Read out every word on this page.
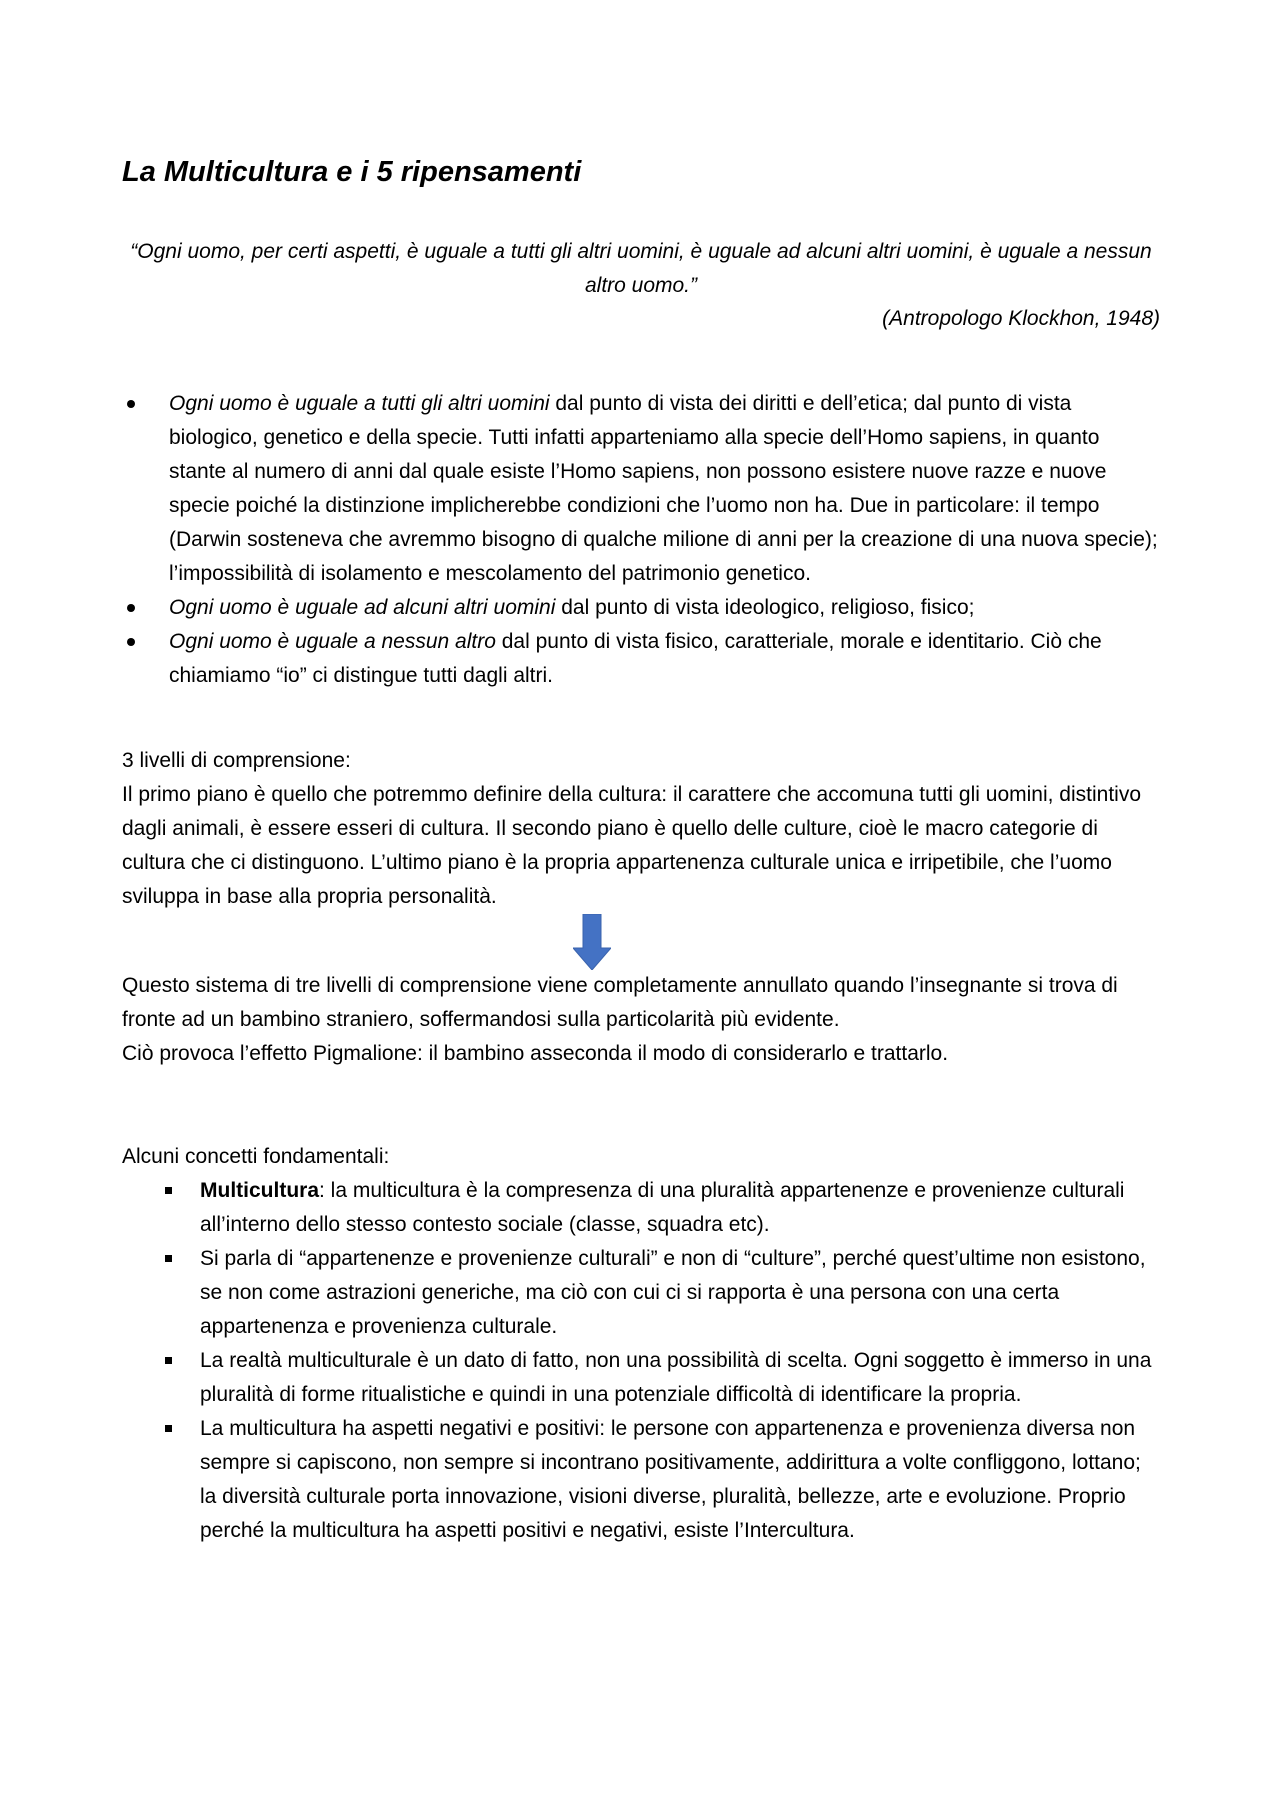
La Multicultura e i 5 ripensamenti

“Ogni uomo, per certi aspetti, è uguale a tutti gli altri uomini, è uguale ad alcuni altri uomini, è uguale a nessun altro uomo.”

(Antropologo Klockhon, 1948)

Ogni uomo è uguale a tutti gli altri uomini dal punto di vista dei diritti e dell’etica; dal punto di vista biologico, genetico e della specie. Tutti infatti apparteniamo alla specie dell’Homo sapiens, in quanto stante al numero di anni dal quale esiste l’Homo sapiens, non possono esistere nuove razze e nuove specie poiché la distinzione implicherebbe condizioni che l’uomo non ha. Due in particolare: il tempo (Darwin sosteneva che avremmo bisogno di qualche milione di anni per la creazione di una nuova specie); l’impossibilità di isolamento e mescolamento del patrimonio genetico.
Ogni uomo è uguale ad alcuni altri uomini dal punto di vista ideologico, religioso, fisico;
Ogni uomo è uguale a nessun altro dal punto di vista fisico, caratteriale, morale e identitario. Ciò che chiamiamo “io” ci distingue tutti dagli altri.

3 livelli di comprensione:

Il primo piano è quello che potremmo definire della cultura: il carattere che accomuna tutti gli uomini, distintivo dagli animali, è essere esseri di cultura. Il secondo piano è quello delle culture, cioè le macro categorie di cultura che ci distinguono. L’ultimo piano è la propria appartenenza culturale unica e irripetibile, che l’uomo sviluppa in base alla propria personalità.

Questo sistema di tre livelli di comprensione viene completamente annullato quando l’insegnante si trova di fronte ad un bambino straniero, soffermandosi sulla particolarità più evidente.

Ciò provoca l’effetto Pigmalione: il bambino asseconda il modo di considerarlo e trattarlo.

Alcuni concetti fondamentali:

Multicultura: la multicultura è la compresenza di una pluralità appartenenze e provenienze culturali all’interno dello stesso contesto sociale (classe, squadra etc).
Si parla di “appartenenze e provenienze culturali” e non di “culture”, perché quest’ultime non esistono, se non come astrazioni generiche, ma ciò con cui ci si rapporta è una persona con una certa appartenenza e provenienza culturale.
La realtà multiculturale è un dato di fatto, non una possibilità di scelta. Ogni soggetto è immerso in una pluralità di forme ritualistiche e quindi in una potenziale difficoltà di identificare la propria.
La multicultura ha aspetti negativi e positivi: le persone con appartenenza e provenienza diversa non sempre si capiscono, non sempre si incontrano positivamente, addirittura a volte confliggono, lottano; la diversità culturale porta innovazione, visioni diverse, pluralità, bellezze, arte e evoluzione. Proprio perché la multicultura ha aspetti positivi e negativi, esiste l’Intercultura.
